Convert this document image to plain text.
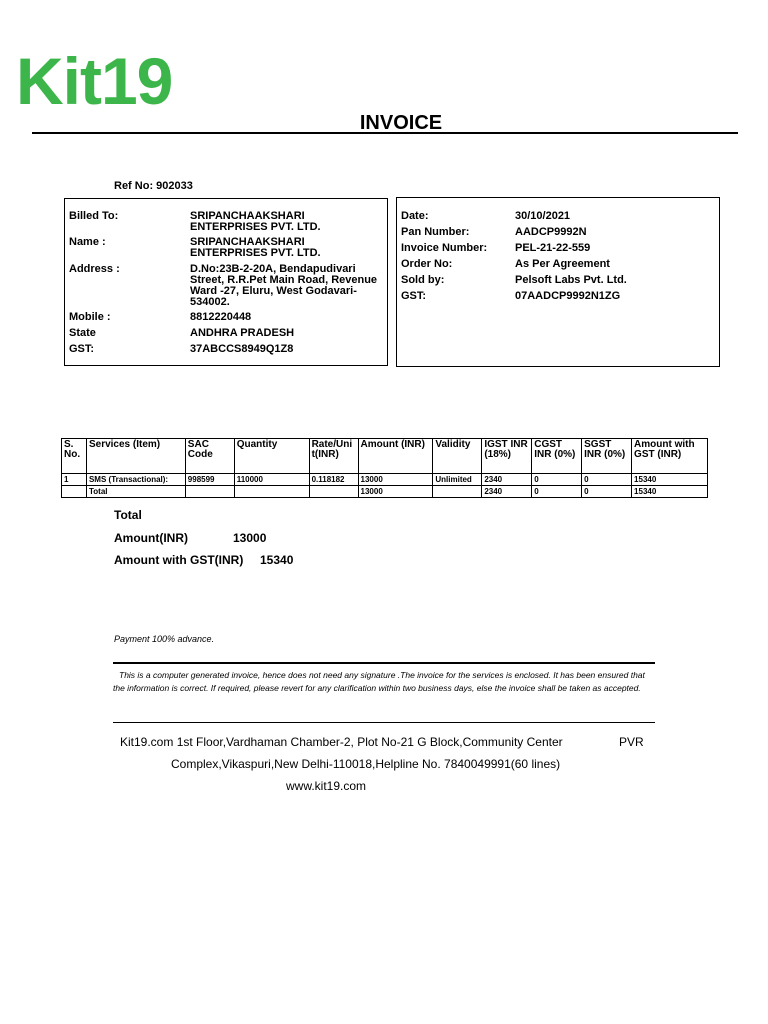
Kit19
INVOICE
Ref No: 902033
Billed To:	SRIPANCHAAKSHARI ENTERPRISES PVT. LTD.
Name :	SRIPANCHAAKSHARI ENTERPRISES PVT. LTD.
Address :	D.No:23B-2-20A, Bendapudivari Street, R.R.Pet Main Road, Revenue Ward -27, Eluru, West Godavari-534002.
Mobile :	8812220448
State	ANDHRA PRADESH
GST:	37ABCCS8949Q1Z8
Date:	30/10/2021
Pan Number:	AADCP9992N
Invoice Number:	PEL-21-22-559
Order No:	As Per Agreement
Sold by:	Pelsoft Labs Pvt. Ltd.
GST:	07AADCP9992N1ZG
S. No.	Services (Item)	SAC Code	Quantity	Rate/Uni t(INR)	Amount (INR)	Validity	IGST INR (18%)	CGST INR (0%)	SGST INR (0%)	Amount with GST (INR)
1	SMS (Transactional):	998599	110000	0.118182	13000	Unlimited	2340	0	0	15340
	Total				13000		2340	0	0	15340
Total
Amount(INR)	13000
Amount with GST(INR) 15340
Payment 100% advance.
This is a computer generated invoice, hence does not need any signature .The invoice for the services is enclosed. It has been ensured that the information is correct. If required, please revert for any clarification within two business days, else the invoice shall be taken as accepted.
Kit19.com 1st Floor,Vardhaman Chamber-2, Plot No-21 G Block,Community Center	PVR
Complex,Vikaspuri,New Delhi-110018,Helpline No. 7840049991(60 lines)
www.kit19.com
